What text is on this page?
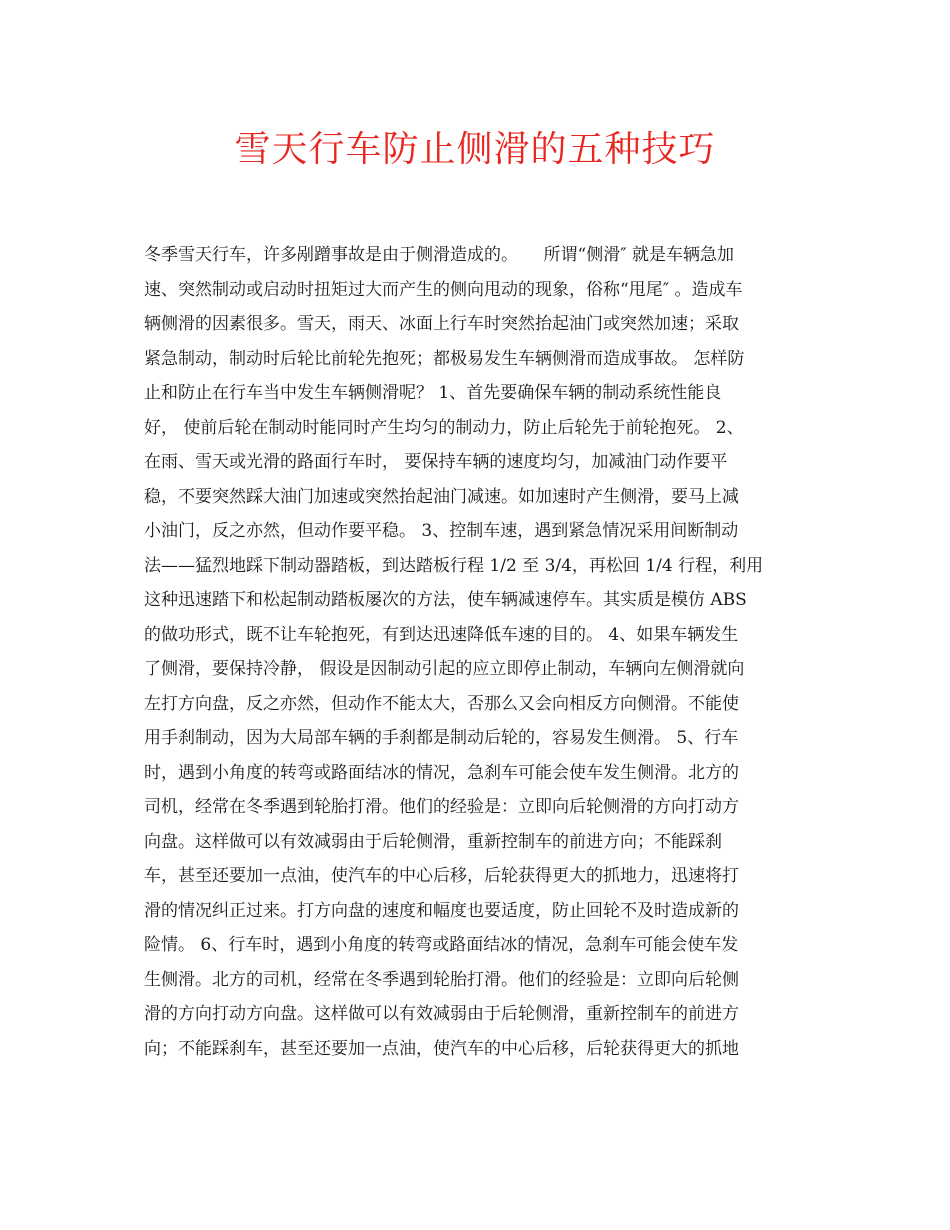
雪天行车防止侧滑的五种技巧
冬季雪天行车，许多剐蹭事故是由于侧滑造成的。　　所谓“侧滑″ 就是车辆急加
速、突然制动或启动时扭矩过大而产生的侧向甩动的现象，俗称“甩尾″ 。造成车
辆侧滑的因素很多。雪天，雨天、冰面上行车时突然抬起油门或突然加速；采取
紧急制动，制动时后轮比前轮先抱死；都极易发生车辆侧滑而造成事故。 怎样防
止和防止在行车当中发生车辆侧滑呢？ 1、首先要确保车辆的制动系统性能良
好， 使前后轮在制动时能同时产生均匀的制动力，防止后轮先于前轮抱死。 2、
在雨、雪天或光滑的路面行车时， 要保持车辆的速度均匀，加减油门动作要平
稳，不要突然踩大油门加速或突然抬起油门减速。如加速时产生侧滑，要马上减
小油门，反之亦然，但动作要平稳。 3、控制车速，遇到紧急情况采用间断制动
法——猛烈地踩下制动器踏板，到达踏板行程 1/2 至 3/4，再松回 1/4 行程，利用
这种迅速踏下和松起制动踏板屡次的方法，使车辆减速停车。其实质是模仿 ABS
的做功形式，既不让车轮抱死，有到达迅速降低车速的目的。 4、如果车辆发生
了侧滑，要保持冷静， 假设是因制动引起的应立即停止制动，车辆向左侧滑就向
左打方向盘，反之亦然，但动作不能太大，否那么又会向相反方向侧滑。不能使
用手刹制动，因为大局部车辆的手刹都是制动后轮的，容易发生侧滑。 5、行车
时，遇到小角度的转弯或路面结冰的情况，急刹车可能会使车发生侧滑。北方的
司机，经常在冬季遇到轮胎打滑。他们的经验是：立即向后轮侧滑的方向打动方
向盘。这样做可以有效减弱由于后轮侧滑，重新控制车的前进方向；不能踩刹
车，甚至还要加一点油，使汽车的中心后移，后轮获得更大的抓地力，迅速将打
滑的情况纠正过来。打方向盘的速度和幅度也要适度，防止回轮不及时造成新的
险情。 6、行车时，遇到小角度的转弯或路面结冰的情况，急刹车可能会使车发
生侧滑。北方的司机，经常在冬季遇到轮胎打滑。他们的经验是：立即向后轮侧
滑的方向打动方向盘。这样做可以有效减弱由于后轮侧滑，重新控制车的前进方
向；不能踩刹车，甚至还要加一点油，使汽车的中心后移，后轮获得更大的抓地
